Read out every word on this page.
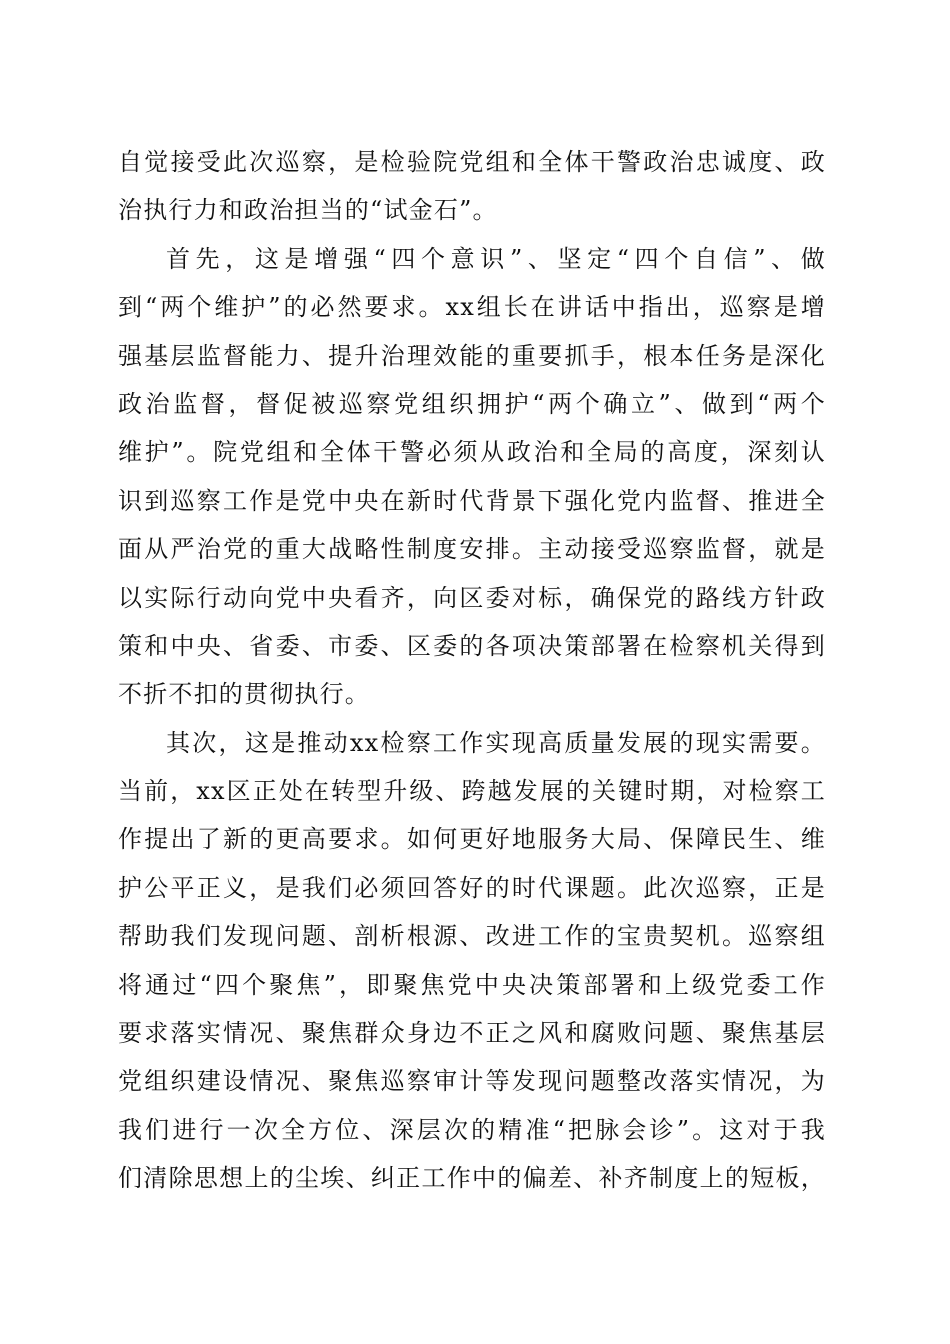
自觉接受此次巡察，是检验院党组和全体干警政治忠诚度、政
治执行力和政治担当的“试金石”。
首先，这是增强“四个意识”、坚定“四个自信”、做
到“两个维护”的必然要求。xx组长在讲话中指出，巡察是增
强基层监督能力、提升治理效能的重要抓手，根本任务是深化
政治监督，督促被巡察党组织拥护“两个确立”、做到“两个
维护”。院党组和全体干警必须从政治和全局的高度，深刻认
识到巡察工作是党中央在新时代背景下强化党内监督、推进全
面从严治党的重大战略性制度安排。主动接受巡察监督，就是
以实际行动向党中央看齐，向区委对标，确保党的路线方针政
策和中央、省委、市委、区委的各项决策部署在检察机关得到
不折不扣的贯彻执行。
其次，这是推动xx检察工作实现高质量发展的现实需要。
当前，xx区正处在转型升级、跨越发展的关键时期，对检察工
作提出了新的更高要求。如何更好地服务大局、保障民生、维
护公平正义，是我们必须回答好的时代课题。此次巡察，正是
帮助我们发现问题、剖析根源、改进工作的宝贵契机。巡察组
将通过“四个聚焦”，即聚焦党中央决策部署和上级党委工作
要求落实情况、聚焦群众身边不正之风和腐败问题、聚焦基层
党组织建设情况、聚焦巡察审计等发现问题整改落实情况，为
我们进行一次全方位、深层次的精准“把脉会诊”。这对于我
们清除思想上的尘埃、纠正工作中的偏差、补齐制度上的短板，
